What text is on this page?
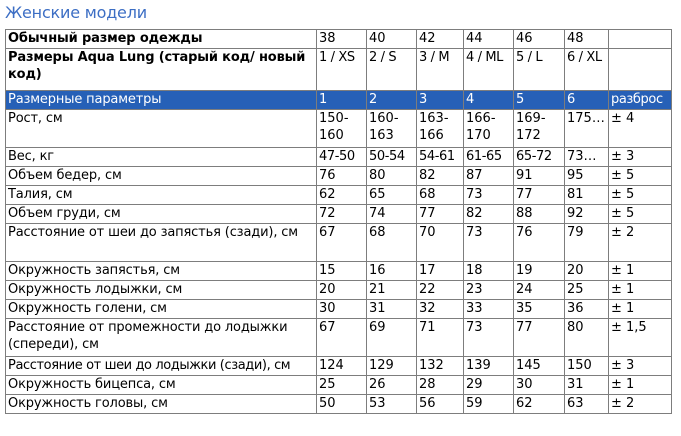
Женские модели
Обычный размер одежды	38	40	42	44	46	48	
Размеры Aqua Lung (старый код/ новый код)	1 / XS	2 / S	3 / M	4 / ML	5 / L	6 / XL	
Размерные параметры	1	2	3	4	5	6	разброс
Рост, см	150-160	160-163	163-166	166-170	169-172	175…	± 4
Вес, кг	47-50	50-54	54-61	61-65	65-72	73…	± 3
Объем бедер, см	76	80	82	87	91	95	± 5
Талия, см	62	65	68	73	77	81	± 5
Объем груди, см	72	74	77	82	88	92	± 5
Расстояние от шеи до запястья (сзади), см	67	68	70	73	76	79	± 2
Окружность запястья, см	15	16	17	18	19	20	± 1
Окружность лодыжки, см	20	21	22	23	24	25	± 1
Окружность голени, см	30	31	32	33	35	36	± 1
Расстояние от промежности до лодыжки (спереди), см	67	69	71	73	77	80	± 1,5
Расстояние от шеи до лодыжки (сзади), см	124	129	132	139	145	150	± 3
Окружность бицепса, см	25	26	28	29	30	31	± 1
Окружность головы, см	50	53	56	59	62	63	± 2
